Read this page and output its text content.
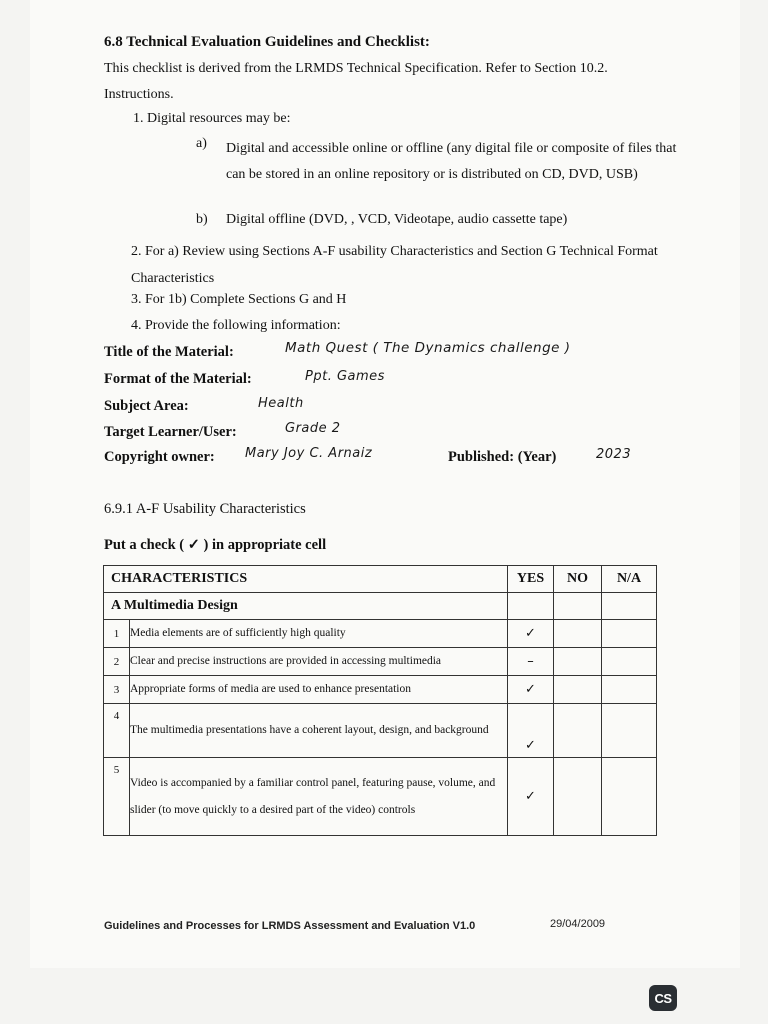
6.8 Technical Evaluation Guidelines and Checklist:
This checklist is derived from the LRMDS Technical Specification. Refer to Section 10.2.
Instructions.
1. Digital resources may be:
a) Digital and accessible online or offline (any digital file or composite of files that can be stored in an online repository or is distributed on CD, DVD, USB)
b) Digital offline (DVD, , VCD, Videotape, audio cassette tape)
2. For a) Review using Sections A-F usability Characteristics and Section G Technical Format Characteristics
3. For 1b) Complete Sections G and H
4. Provide the following information:
Title of the Material:	Math Quest ( The Dynamics challenge )
Format of the Material:	Ppt. Games
Subject Area:	Health
Target Learner/User:	Grade 2
Copyright owner: Mary Joy C. Arnaiz	Published: (Year)	2023
6.9.1 A-F Usability Characteristics
Put a check ( ✓ ) in appropriate cell
CHARACTERISTICS		YES	NO	N/A
A Multimedia Design				
1	Media elements are of sufficiently high quality	✓		
2	Clear and precise instructions are provided in accessing multimedia	–		
3	Appropriate forms of media are used to enhance presentation	✓		
4	The multimedia presentations have a coherent layout, design, and background	✓		
5	Video is accompanied by a familiar control panel, featuring pause, volume, and slider (to move quickly to a desired part of the video) controls	✓		
Guidelines and Processes for LRMDS Assessment and Evaluation V1.0	29/04/2009
CS
